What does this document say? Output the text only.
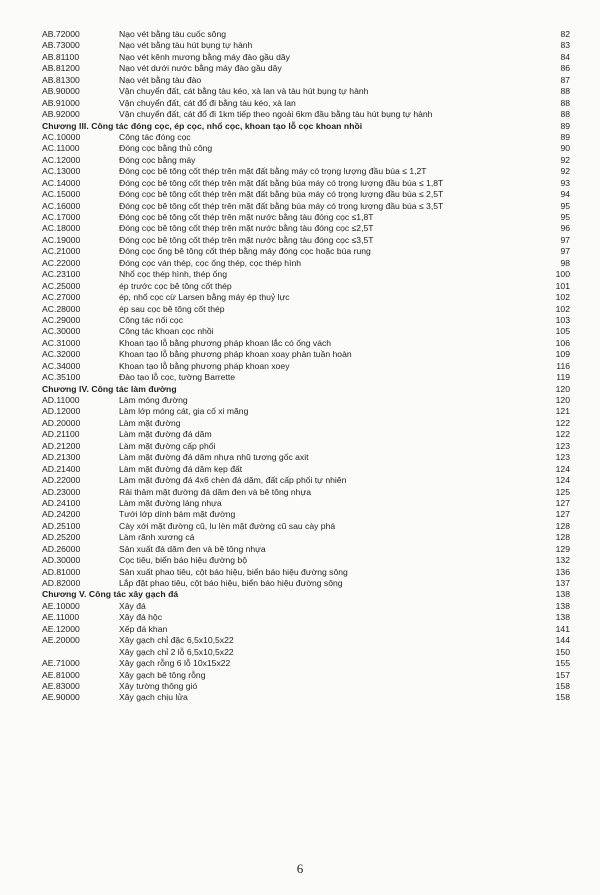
AB.72000	Nạo vét bằng tàu cuốc sông	82
AB.73000	Nạo vét bằng tàu hút bụng tự hành	83
AB.81100	Nạo vét kênh mương bằng máy đào gầu dây	84
AB.81200	Nạo vét dưới nước bằng máy đào gầu dây	86
AB.81300	Nạo vét bằng tàu đào	87
AB.90000	Vận chuyển đất, cát bằng tàu kéo, xà lan và tàu hút bụng tự hành	88
AB.91000	Vận chuyển đất, cát đổ đi bằng tàu kéo, xà lan	88
AB.92000	Vận chuyển đất, cát đổ đi 1km tiếp theo ngoài 6km đầu bằng tàu hút bụng tự hành	88
Chương III. Công tác đóng cọc, ép cọc, nhổ cọc, khoan tạo lỗ cọc khoan nhồi	89
AC.10000	Công tác đóng cọc	89
AC.11000	Đóng cọc bằng thủ công	90
AC.12000	Đóng cọc bằng máy	92
AC.13000	Đóng cọc bê tông cốt thép trên mặt đất bằng máy có trọng lượng đầu búa ≤ 1,2T	92
AC.14000	Đóng cọc bê tông cốt thép trên mặt đất bằng búa máy có trọng lượng đầu búa ≤ 1,8T	93
AC.15000	Đóng cọc bê tông cốt thép trên mặt đất bằng búa máy có trọng lượng đầu búa ≤ 2,5T	94
AC.16000	Đóng cọc bê tông cốt thép trên mặt đất bằng búa máy có trọng lượng đầu búa ≤ 3,5T	95
AC.17000	Đóng cọc bê tông cốt thép trên mặt nước bằng tàu đóng cọc ≤1,8T	95
AC.18000	Đóng cọc bê tông cốt thép trên mặt nước bằng tàu đóng cọc ≤2,5T	96
AC.19000	Đóng cọc bê tông cốt thép trên mặt nước bằng tàu đóng cọc ≤3,5T	97
AC.21000	Đóng cọc ống bê tông cốt thép bằng máy đóng cọc hoặc búa rung	97
AC.22000	Đóng cọc ván thép, cọc ống thép, cọc thép hình	98
AC.23100	Nhổ cọc thép hình, thép ống	100
AC.25000	ép trước cọc bê tông cốt thép	101
AC.27000	ép, nhổ cọc cừ Larsen bằng máy ép thuỷ lực	102
AC.28000	ép sau cọc bê tông cốt thép	102
AC.29000	Công tác nối cọc	103
AC.30000	Công tác khoan cọc nhồi	105
AC.31000	Khoan tạo lỗ bằng phương pháp khoan lắc có ống vách	106
AC.32000	Khoan tạo lỗ bằng phương pháp khoan xoay phản tuần hoàn	109
AC.34000	Khoan tạo lỗ bằng phương pháp khoan xoey	116
AC.35100	Đào tạo lỗ cọc, tường Barrette	119
Chương IV. Công tác làm đường	120
AD.11000	Làm móng đường	120
AD.12000	Làm lớp móng cát, gia cố xi măng	121
AD.20000	Làm mặt đường	122
AD.21100	Làm mặt đường đá dăm	122
AD.21200	Làm mặt đường cấp phối	123
AD.21300	Làm mặt đường đá dăm nhựa nhũ tương gốc axit	123
AD.21400	Làm mặt đường đá dăm kẹp đất	124
AD.22000	Làm mặt đường đá 4x6 chèn đá dăm, đất cấp phối tự nhiên	124
AD.23000	Rải thảm mặt đường đá dăm đen và bê tông nhựa	125
AD.24100	Làm mặt đường láng nhựa	127
AD.24200	Tưới lớp dính bám mặt đường	127
AD.25100	Cày xới mặt đường cũ, lu lèn mặt đường cũ sau cày phá	128
AD.25200	Làm rãnh xương cá	128
AD.26000	Sản xuất đá dăm đen và bê tông nhựa	129
AD.30000	Cọc tiêu, biển báo hiệu đường bộ	132
AD.81000	Sản xuất phao tiêu, cột báo hiệu, biển báo hiệu đường sông	136
AD.82000	Lắp đặt phao tiêu, cột báo hiệu, biển báo hiệu đường sông	137
Chương V. Công tác xây gạch đá	138
AE.10000	Xây đá	138
AE.11000	Xây đá hộc	138
AE.12000	Xếp đá khan	141
AE.20000	Xây gạch chỉ đặc 6,5x10,5x22	144
Xây gạch chỉ 2 lỗ 6,5x10,5x22	150
AE.71000	Xây gạch rỗng 6 lỗ 10x15x22	155
AE.81000	Xây gạch bê tông rỗng	157
AE.83000	Xây tường thông gió	158
AE.90000	Xây gạch chịu lửa	158
6
